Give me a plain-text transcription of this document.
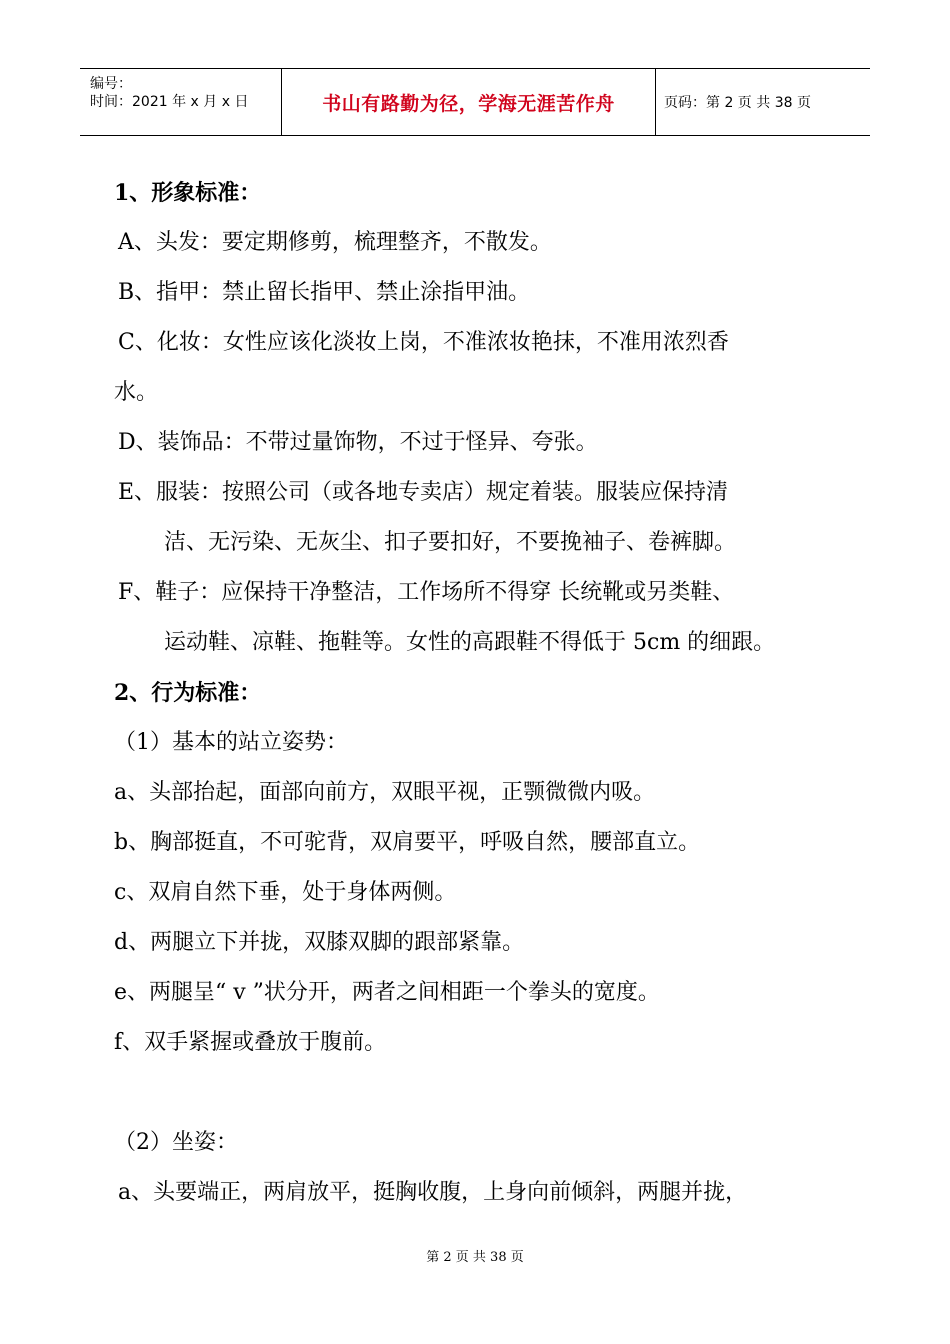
编号：
时间：2021 年 x 月 x 日	书山有路勤为径，学海无涯苦作舟	页码：第 2 页 共 38 页
1、形象标准：
A、头发：要定期修剪，梳理整齐，不散发。
B、指甲：禁止留长指甲、禁止涂指甲油。
C、化妆：女性应该化淡妆上岗，不准浓妆艳抹，不准用浓烈香
水。
D、装饰品：不带过量饰物，不过于怪异、夸张。
E、服装：按照公司（或各地专卖店）规定着装。服装应保持清
洁、无污染、无灰尘、扣子要扣好，不要挽袖子、卷裤脚。
F、鞋子：应保持干净整洁，工作场所不得穿 长统靴或另类鞋、
运动鞋、凉鞋、拖鞋等。女性的高跟鞋不得低于 5cm 的细跟。
2、行为标准：
（1）基本的站立姿势：
a、头部抬起，面部向前方，双眼平视，正颚微微内吸。
b、胸部挺直，不可驼背，双肩要平，呼吸自然，腰部直立。
c、双肩自然下垂，处于身体两侧。
d、两腿立下并拢，双膝双脚的跟部紧靠。
e、两腿呈“ v ”状分开，两者之间相距一个拳头的宽度。
f、双手紧握或叠放于腹前。
（2）坐姿：
a、头要端正，两肩放平，挺胸收腹，上身向前倾斜，两腿并拢，
第 2 页 共 38 页
